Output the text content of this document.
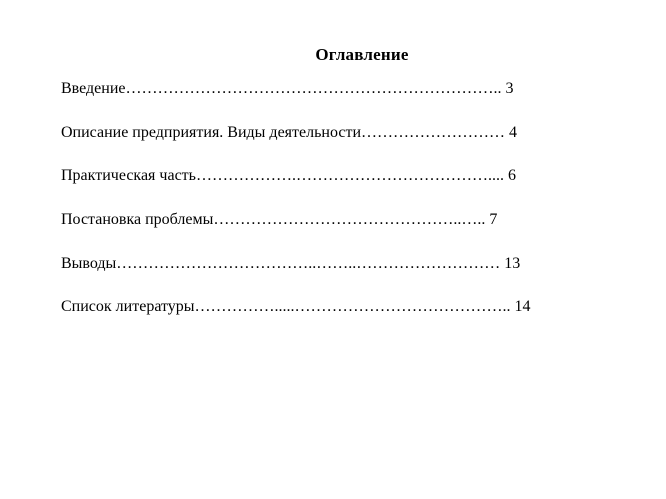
Оглавление
Введение…………………………………………………………….. 3
Описание предприятия. Виды деятельности……………………… 4
Практическая часть……………….……………………………….... 6
Постановка проблемы………………………………………..….. 7
Выводы………………………………..……..……………………… 13
Список литературы…………….....………………………………….. 14
